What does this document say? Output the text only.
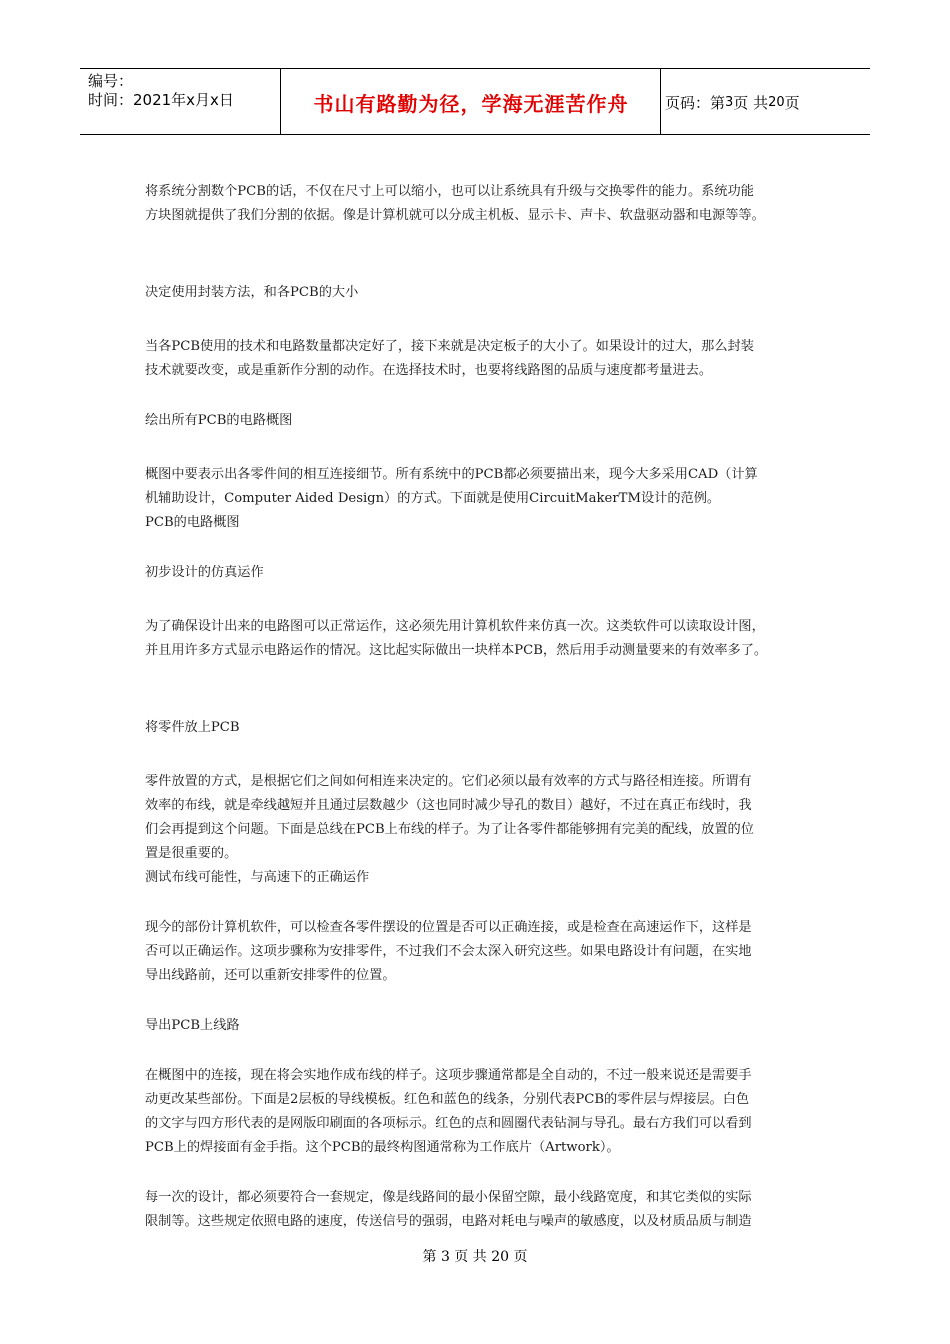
编号：
时间：2021年x月x日	书山有路勤为径，学海无涯苦作舟	页码：第 3 页 共 20 页
将系统分割数个PCB的话，不仅在尺寸上可以缩小，也可以让系统具有升级与交换零件的能力。系统功能
方块图就提供了我们分割的依据。像是计算机就可以分成主机板、显示卡、声卡、软盘驱动器和电源等等。
决定使用封装方法，和各PCB的大小
当各PCB使用的技术和电路数量都决定好了，接下来就是决定板子的大小了。如果设计的过大，那么封装
技术就要改变，或是重新作分割的动作。在选择技术时，也要将线路图的品质与速度都考量进去。
绘出所有PCB的电路概图
概图中要表示出各零件间的相互连接细节。所有系统中的PCB都必须要描出来，现今大多采用CAD（计算
机辅助设计，Computer Aided Design）的方式。下面就是使用CircuitMakerTM设计的范例。
PCB的电路概图
初步设计的仿真运作
为了确保设计出来的电路图可以正常运作，这必须先用计算机软件来仿真一次。这类软件可以读取设计图，
并且用许多方式显示电路运作的情况。这比起实际做出一块样本PCB，然后用手动测量要来的有效率多了。
将零件放上PCB
零件放置的方式，是根据它们之间如何相连来决定的。它们必须以最有效率的方式与路径相连接。所谓有
效率的布线，就是牵线越短并且通过层数越少（这也同时减少导孔的数目）越好，不过在真正布线时，我
们会再提到这个问题。下面是总线在PCB上布线的样子。为了让各零件都能够拥有完美的配线，放置的位
置是很重要的。
测试布线可能性，与高速下的正确运作
现今的部份计算机软件，可以检查各零件摆设的位置是否可以正确连接，或是检查在高速运作下，这样是
否可以正确运作。这项步骤称为安排零件，不过我们不会太深入研究这些。如果电路设计有问题，在实地
导出线路前，还可以重新安排零件的位置。
导出PCB上线路
在概图中的连接，现在将会实地作成布线的样子。这项步骤通常都是全自动的，不过一般来说还是需要手
动更改某些部份。下面是2层板的导线模板。红色和蓝色的线条，分别代表PCB的零件层与焊接层。白色
的文字与四方形代表的是网版印刷面的各项标示。红色的点和圆圈代表钻洞与导孔。最右方我们可以看到
PCB上的焊接面有金手指。这个PCB的最终构图通常称为工作底片（Artwork）。
每一次的设计，都必须要符合一套规定，像是线路间的最小保留空隙，最小线路宽度，和其它类似的实际
限制等。这些规定依照电路的速度，传送信号的强弱，电路对耗电与噪声的敏感度，以及材质品质与制造
第 3 页 共 20 页
